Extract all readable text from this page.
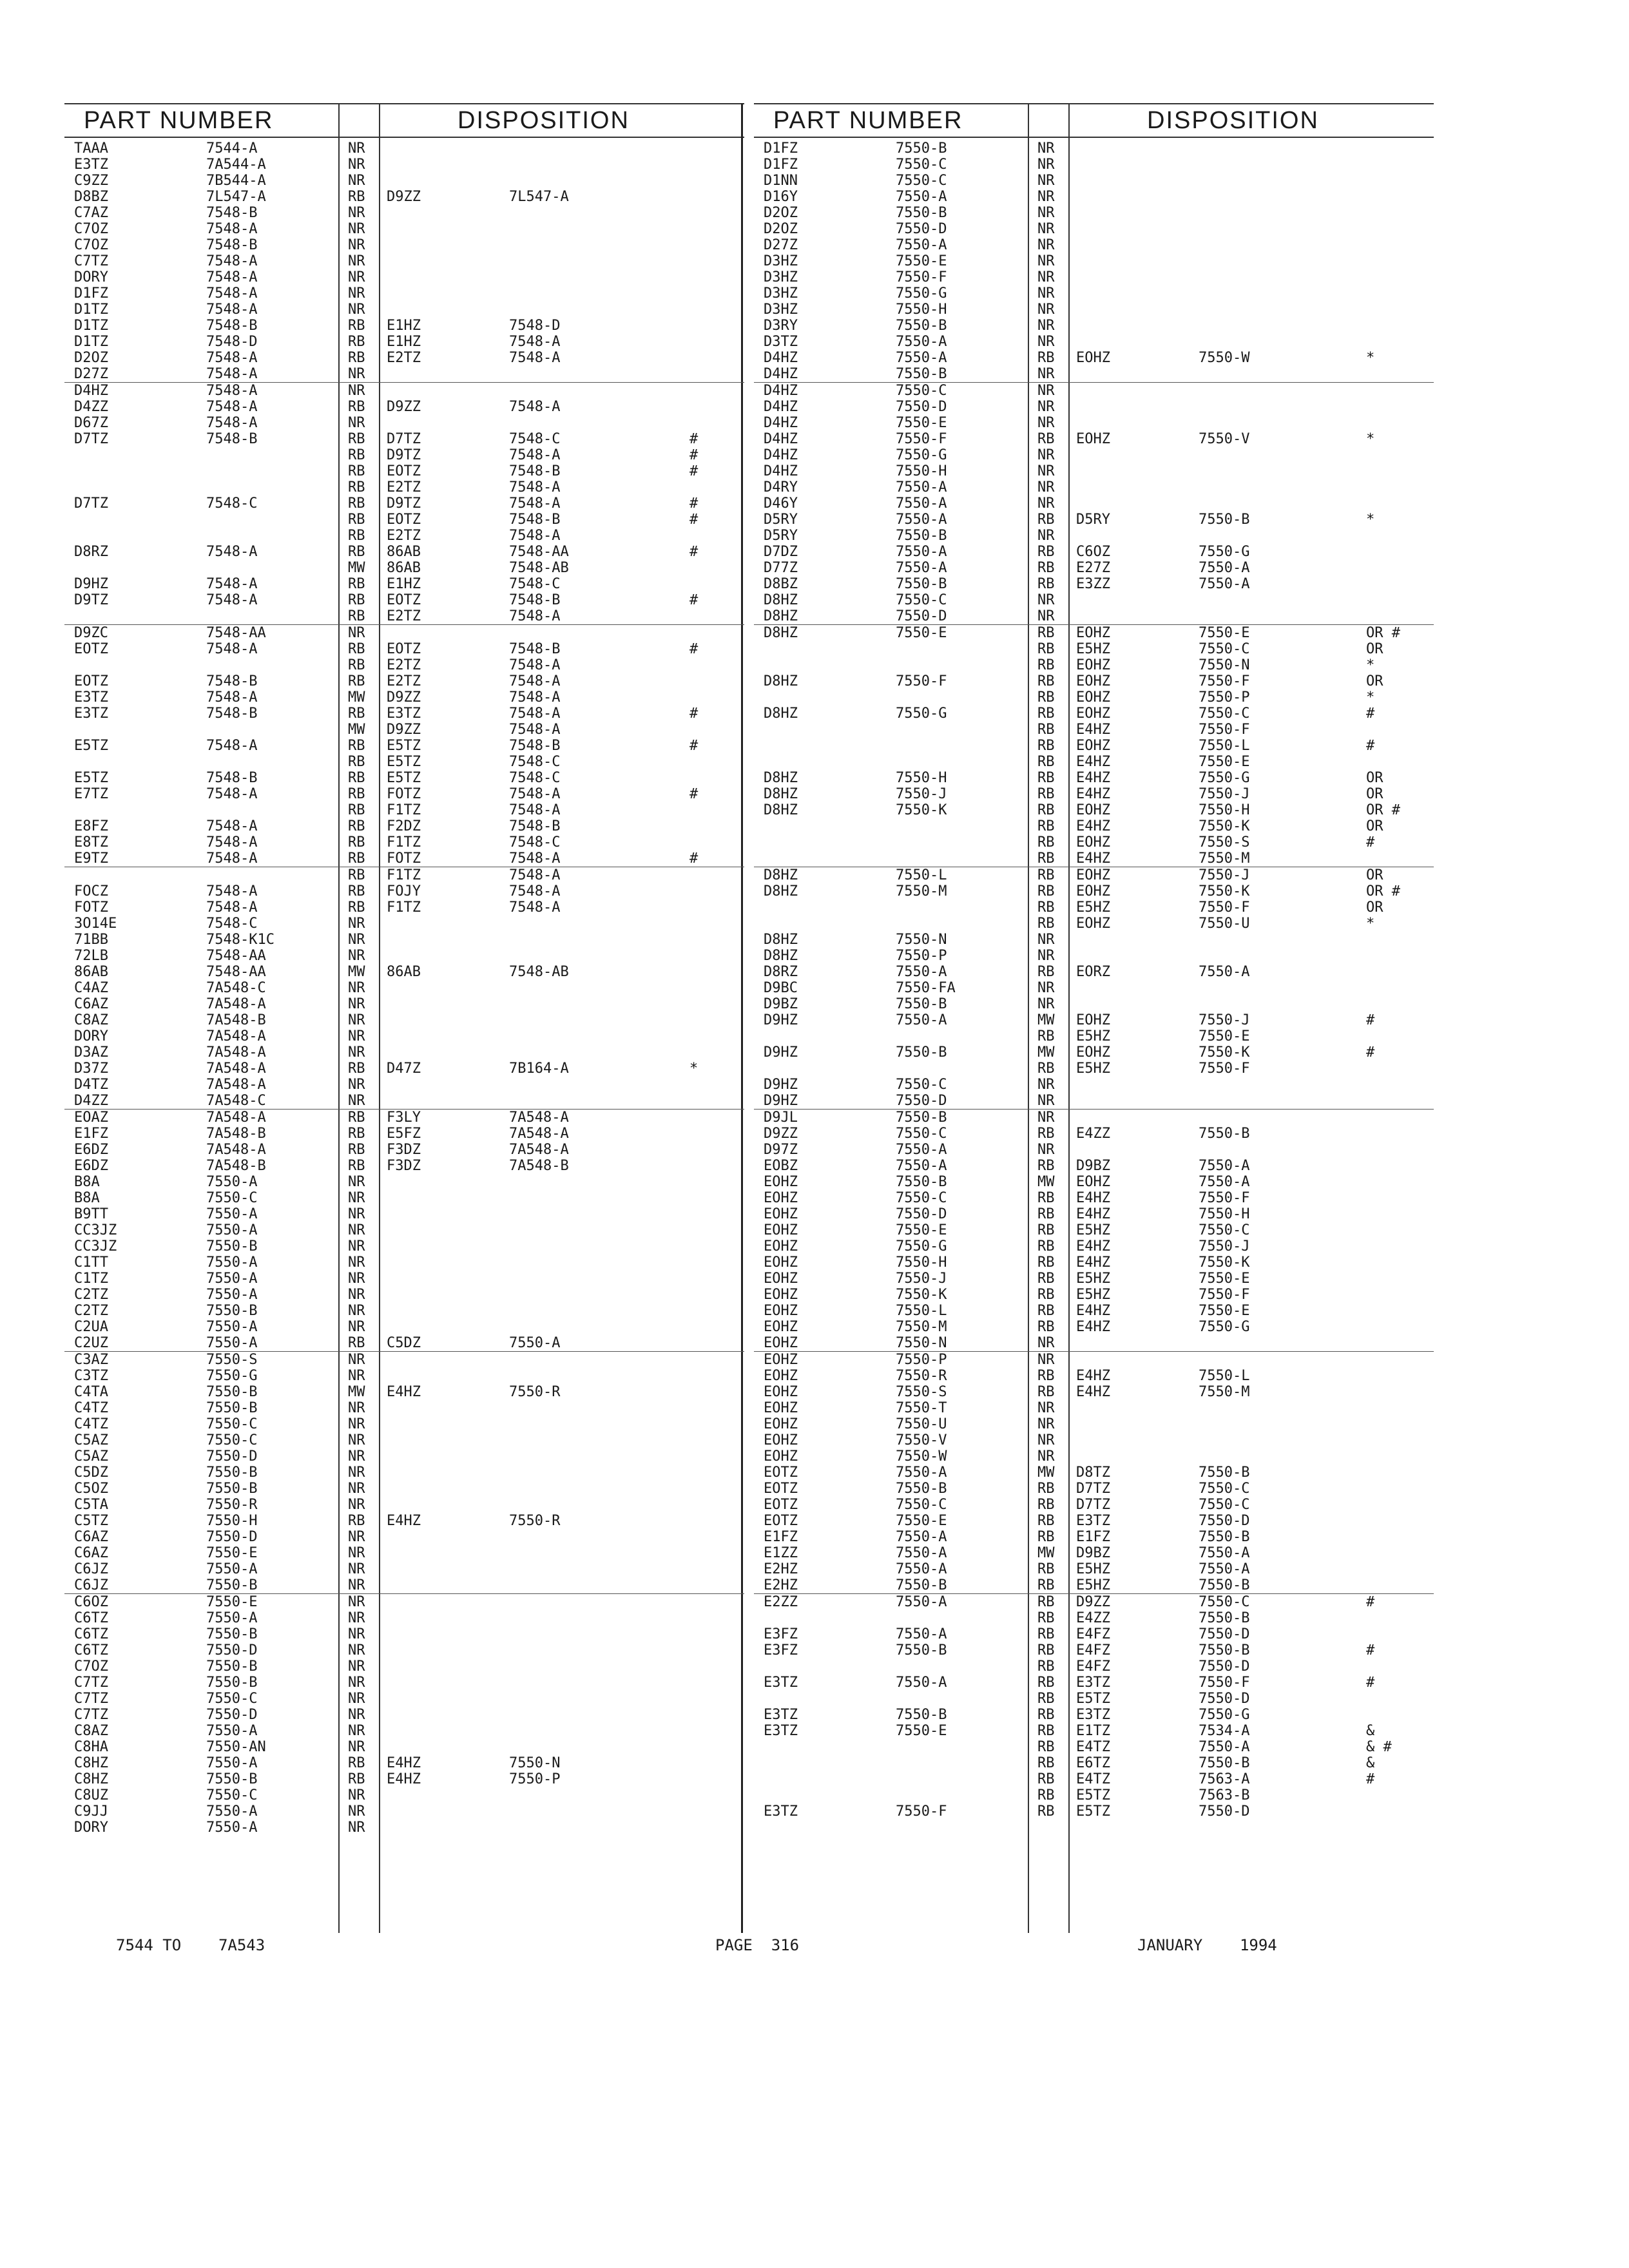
PART NUMBER	DISPOSITION
TAAA	7544-A	NR
E3TZ	7A544-A	NR
C9ZZ	7B544-A	NR
D8BZ	7L547-A	RB D9ZZ	7L547-A
C7AZ	7548-B	NR
C7OZ	7548-A	NR
C7OZ	7548-B	NR
C7TZ	7548-A	NR
DORY	7548-A	NR
D1FZ	7548-A	NR
D1TZ	7548-A	NR
D1TZ	7548-B	RB E1HZ	7548-D
D1TZ	7548-D	RB E1HZ	7548-A
D2OZ	7548-A	RB E2TZ	7548-A
D27Z	7548-A	NR
D4HZ	7548-A	NR
D4ZZ	7548-A	RB D9ZZ	7548-A
D67Z	7548-A	NR
D7TZ	7548-B	RB D7TZ	7548-C	#
RB D9TZ	7548-A	#
RB EOTZ	7548-B	#
RB E2TZ	7548-A
D7TZ	7548-C	RB D9TZ	7548-A	#
RB EOTZ	7548-B	#
RB E2TZ	7548-A
D8RZ	7548-A	RB 86AB	7548-AA	#
MW 86AB	7548-AB
D9HZ	7548-A	RB E1HZ	7548-C
D9TZ	7548-A	RB EOTZ	7548-B	#
RB E2TZ	7548-A
D9ZC	7548-AA	NR
EOTZ	7548-A	RB EOTZ	7548-B	#
RB E2TZ	7548-A
EOTZ	7548-B	RB E2TZ	7548-A
E3TZ	7548-A	MW D9ZZ	7548-A
E3TZ	7548-B	RB E3TZ	7548-A	#
MW D9ZZ	7548-A
E5TZ	7548-A	RB E5TZ	7548-B	#
RB E5TZ	7548-C
E5TZ	7548-B	RB E5TZ	7548-C
E7TZ	7548-A	RB FOTZ	7548-A	#
RB F1TZ	7548-A
E8FZ	7548-A	RB F2DZ	7548-B
E8TZ	7548-A	RB F1TZ	7548-C
E9TZ	7548-A	RB FOTZ	7548-A	#
RB F1TZ	7548-A
FOCZ	7548-A	RB FOJY	7548-A
FOTZ	7548-A	RB F1TZ	7548-A
3O14E	7548-C	NR
71BB	7548-K1C	NR
72LB	7548-AA	NR
86AB	7548-AA	MW 86AB	7548-AB
C4AZ	7A548-C	NR
C6AZ	7A548-A	NR
C8AZ	7A548-B	NR
DORY	7A548-A	NR
D3AZ	7A548-A	NR
D37Z	7A548-A	RB D47Z	7B164-A	*
D4TZ	7A548-A	NR
D4ZZ	7A548-C	NR
EOAZ	7A548-A	RB F3LY	7A548-A
E1FZ	7A548-B	RB E5FZ	7A548-A
E6DZ	7A548-A	RB F3DZ	7A548-A
E6DZ	7A548-B	RB F3DZ	7A548-B
B8A	7550-A	NR
B8A	7550-C	NR
B9TT	7550-A	NR
CC3JZ	7550-A	NR
CC3JZ	7550-B	NR
C1TT	7550-A	NR
C1TZ	7550-A	NR
C2TZ	7550-A	NR
C2TZ	7550-B	NR
C2UA	7550-A	NR
C2UZ	7550-A	RB C5DZ	7550-A
C3AZ	7550-S	NR
C3TZ	7550-G	NR
C4TA	7550-B	MW E4HZ	7550-R
C4TZ	7550-B	NR
C4TZ	7550-C	NR
C5AZ	7550-C	NR
C5AZ	7550-D	NR
C5DZ	7550-B	NR
C5OZ	7550-B	NR
C5TA	7550-R	NR
C5TZ	7550-H	RB E4HZ	7550-R
C6AZ	7550-D	NR
C6AZ	7550-E	NR
C6JZ	7550-A	NR
C6JZ	7550-B	NR
C6OZ	7550-E	NR
C6TZ	7550-A	NR
C6TZ	7550-B	NR
C6TZ	7550-D	NR
C7OZ	7550-B	NR
C7TZ	7550-B	NR
C7TZ	7550-C	NR
C7TZ	7550-D	NR
C8AZ	7550-A	NR
C8HA	7550-AN	NR
C8HZ	7550-A	RB E4HZ	7550-N
C8HZ	7550-B	RB E4HZ	7550-P
C8UZ	7550-C	NR
C9JJ	7550-A	NR
DORY	7550-A	NR
PART NUMBER	DISPOSITION
D1FZ	7550-B	NR
D1FZ	7550-C	NR
D1NN	7550-C	NR
D16Y	7550-A	NR
D2OZ	7550-B	NR
D2OZ	7550-D	NR
D27Z	7550-A	NR
D3HZ	7550-E	NR
D3HZ	7550-F	NR
D3HZ	7550-G	NR
D3HZ	7550-H	NR
D3RY	7550-B	NR
D3TZ	7550-A	NR
D4HZ	7550-A	RB EOHZ	7550-W	*
D4HZ	7550-B	NR
D4HZ	7550-C	NR
D4HZ	7550-D	NR
D4HZ	7550-E	NR
D4HZ	7550-F	RB EOHZ	7550-V	*
D4HZ	7550-G	NR
D4HZ	7550-H	NR
D4RY	7550-A	NR
D46Y	7550-A	NR
D5RY	7550-A	RB D5RY	7550-B	*
D5RY	7550-B	NR
D7DZ	7550-A	RB C6OZ	7550-G
D77Z	7550-A	RB E27Z	7550-A
D8BZ	7550-B	RB E3ZZ	7550-A
D8HZ	7550-C	NR
D8HZ	7550-D	NR
D8HZ	7550-E	RB EOHZ	7550-E	OR #
RB E5HZ	7550-C	OR
RB EOHZ	7550-N	*
D8HZ	7550-F	RB EOHZ	7550-F	OR
RB EOHZ	7550-P	*
D8HZ	7550-G	RB EOHZ	7550-C	#
RB E4HZ	7550-F
RB EOHZ	7550-L	#
RB E4HZ	7550-E
D8HZ	7550-H	RB E4HZ	7550-G	OR
D8HZ	7550-J	RB E4HZ	7550-J	OR
D8HZ	7550-K	RB EOHZ	7550-H	OR #
RB E4HZ	7550-K	OR
RB EOHZ	7550-S	#
RB E4HZ	7550-M
D8HZ	7550-L	RB EOHZ	7550-J	OR
D8HZ	7550-M	RB EOHZ	7550-K	OR #
RB E5HZ	7550-F	OR
RB EOHZ	7550-U	*
D8HZ	7550-N	NR
D8HZ	7550-P	NR
D8RZ	7550-A	RB EORZ	7550-A
D9BC	7550-FA	NR
D9BZ	7550-B	NR
D9HZ	7550-A	MW EOHZ	7550-J	#
RB E5HZ	7550-E
D9HZ	7550-B	MW EOHZ	7550-K	#
RB E5HZ	7550-F
D9HZ	7550-C	NR
D9HZ	7550-D	NR
D9JL	7550-B	NR
D9ZZ	7550-C	RB E4ZZ	7550-B
D97Z	7550-A	NR
EOBZ	7550-A	RB D9BZ	7550-A
EOHZ	7550-B	MW EOHZ	7550-A
EOHZ	7550-C	RB E4HZ	7550-F
EOHZ	7550-D	RB E4HZ	7550-H
EOHZ	7550-E	RB E5HZ	7550-C
EOHZ	7550-G	RB E4HZ	7550-J
EOHZ	7550-H	RB E4HZ	7550-K
EOHZ	7550-J	RB E5HZ	7550-E
EOHZ	7550-K	RB E5HZ	7550-F
EOHZ	7550-L	RB E4HZ	7550-E
EOHZ	7550-M	RB E4HZ	7550-G
EOHZ	7550-N	NR
EOHZ	7550-P	NR
EOHZ	7550-R	RB E4HZ	7550-L
EOHZ	7550-S	RB E4HZ	7550-M
EOHZ	7550-T	NR
EOHZ	7550-U	NR
EOHZ	7550-V	NR
EOHZ	7550-W	NR
EOTZ	7550-A	MW D8TZ	7550-B
EOTZ	7550-B	RB D7TZ	7550-C
EOTZ	7550-C	RB D7TZ	7550-C
EOTZ	7550-E	RB E3TZ	7550-D
E1FZ	7550-A	RB E1FZ	7550-B
E1ZZ	7550-A	MW D9BZ	7550-A
E2HZ	7550-A	RB E5HZ	7550-A
E2HZ	7550-B	RB E5HZ	7550-B
E2ZZ	7550-A	RB D9ZZ	7550-C	#
RB E4ZZ	7550-B
E3FZ	7550-A	RB E4FZ	7550-D
E3FZ	7550-B	RB E4FZ	7550-B	#
RB E4FZ	7550-D
E3TZ	7550-A	RB E3TZ	7550-F	#
RB E5TZ	7550-D
E3TZ	7550-B	RB E3TZ	7550-G
E3TZ	7550-E	RB E1TZ	7534-A	&
RB E4TZ	7550-A	& #
RB E6TZ	7550-B	&
RB E4TZ	7563-A	#
RB E5TZ	7563-B
E3TZ	7550-F	RB E5TZ	7550-D
7544 TO    7A543	PAGE  316	JANUARY    1994
